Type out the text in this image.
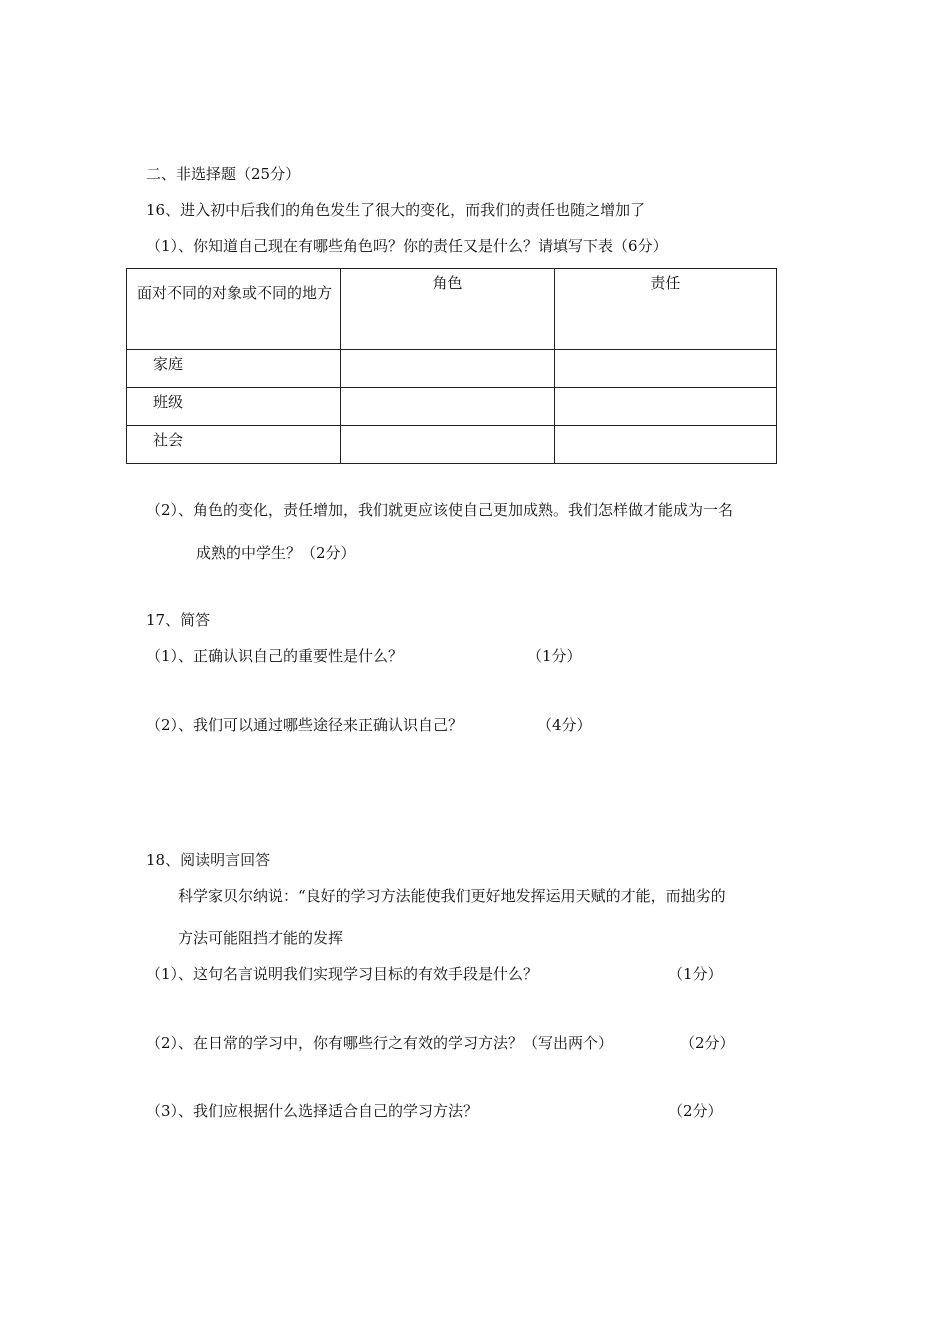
二、非选择题（25分）
16、进入初中后我们的角色发生了很大的变化，而我们的责任也随之增加了
（1）、你知道自己现在有哪些角色吗？你的责任又是什么？请填写下表（6分）
面对不同的对象或不同的地方	角色	责任

家庭		

班级		

社会		

（2）、角色的变化，责任增加，我们就更应该使自己更加成熟。我们怎样做才能成为一名
成熟的中学生？（2分）
17、简答
（1）、正确认识自己的重要性是什么？	（1分）
（2）、我们可以通过哪些途径来正确认识自己？	（4分）
18、阅读明言回答
科学家贝尔纳说：“良好的学习方法能使我们更好地发挥运用天赋的才能，而拙劣的
方法可能阻挡才能的发挥
（1）、这句名言说明我们实现学习目标的有效手段是什么？	（1分）
（2）、在日常的学习中，你有哪些行之有效的学习方法？（写出两个）	（2分）
（3）、我们应根据什么选择适合自己的学习方法？	（2分）
